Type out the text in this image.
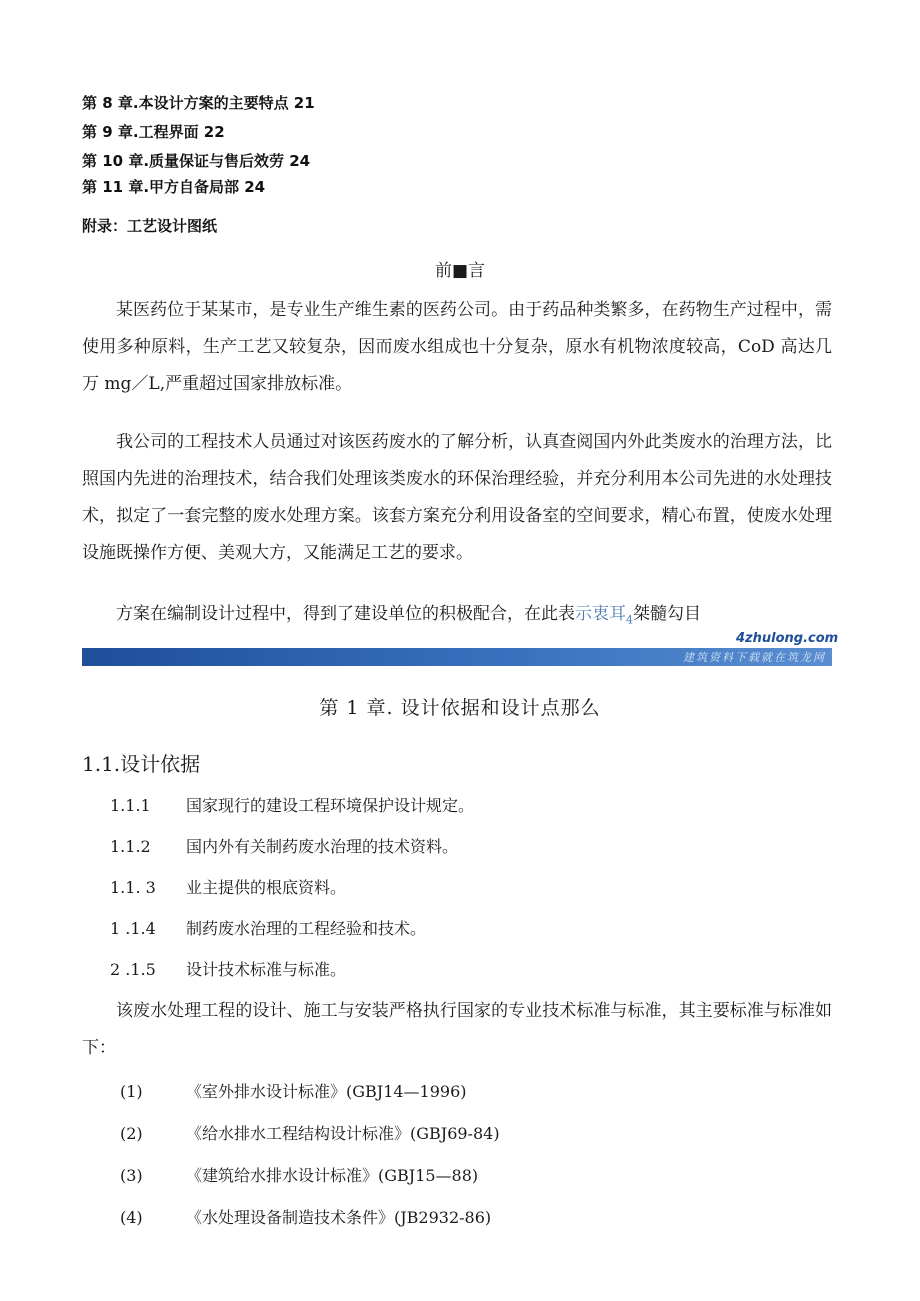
第 8 章.本设计方案的主要特点 21
第 9 章.工程界面 22
第 10 章.质量保证与售后效劳 24
第 11 章.甲方自备局部 24
附录：工艺设计图纸
前■言

某医药位于某某市，是专业生产维生素的医药公司。由于药品种类繁多，在药物生产过程中，需使用多种原料，生产工艺又较复杂，因而废水组成也十分复杂，原水有机物浓度较高，CoD 高达几万 mg／L,严重超过国家排放标准。

我公司的工程技术人员通过对该医药废水的了解分析，认真查阅国内外此类废水的治理方法，比照国内先进的治理技术，结合我们处理该类废水的环保治理经验，并充分利用本公司先进的水处理技术，拟定了一套完整的废水处理方案。该套方案充分利用设备室的空间要求，精心布置，使废水处理设施既操作方便、美观大方，又能满足工艺的要求。

方案在编制设计过程中，得到了建设单位的积极配合，在此表示衷耳$_4$桀髓勾目

4zhulong.com
建筑资料下载就在筑龙网
第 1 章. 设计依据和设计点那么
1.1.设计依据
1.1.1 国家现行的建设工程环境保护设计规定。
1.1.2 国内外有关制药废水治理的技术资料。
1.1. 3 业主提供的根底资料。
1 .1.4 制药废水治理的工程经验和技术。
2 .1.5 设计技术标准与标准。

该废水处理工程的设计、施工与安装严格执行国家的专业技术标准与标准，其主要标准与标准如下：

(1)	《室外排水设计标准》(GBJ14—1996)
(2)	《给水排水工程结构设计标准》(GBJ69-84)
(3)	《建筑给水排水设计标准》(GBJ15—88)
(4)	《水处理设备制造技术条件》(JB2932-86)
